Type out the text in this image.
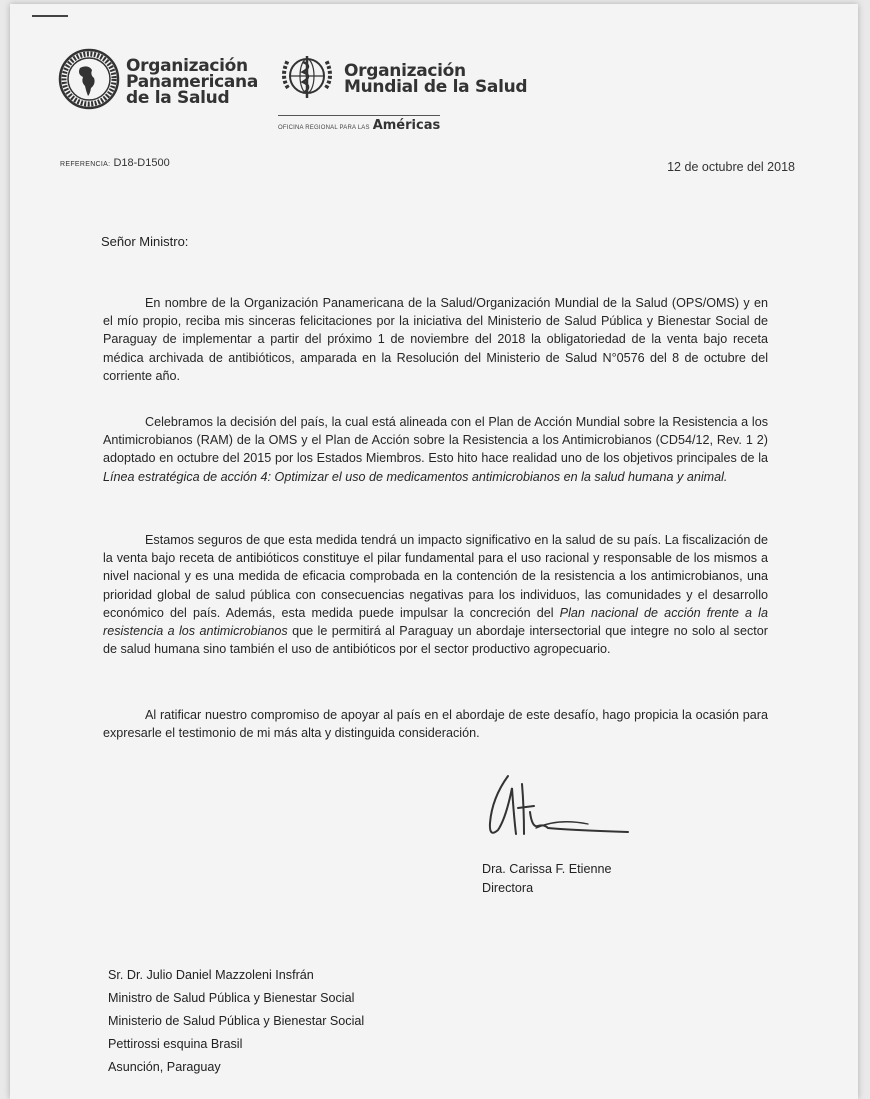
Organización
Panamericana
de la Salud
Organización
Mundial de la Salud
OFICINA REGIONAL PARA LAS Américas
REFERENCIA: D18-D1500	12 de octubre del 2018
Señor Ministro:
En nombre de la Organización Panamericana de la Salud/Organización Mundial de la Salud (OPS/OMS) y en el mío propio, reciba mis sinceras felicitaciones por la iniciativa del Ministerio de Salud Pública y Bienestar Social de Paraguay de implementar a partir del próximo 1 de noviembre del 2018 la obligatoriedad de la venta bajo receta médica archivada de antibióticos, amparada en la Resolución del Ministerio de Salud N°0576 del 8 de octubre del corriente año.
Celebramos la decisión del país, la cual está alineada con el Plan de Acción Mundial sobre la Resistencia a los Antimicrobianos (RAM) de la OMS y el Plan de Acción sobre la Resistencia a los Antimicrobianos (CD54/12, Rev. 1 2) adoptado en octubre del 2015 por los Estados Miembros. Esto hito hace realidad uno de los objetivos principales de la Línea estratégica de acción 4: Optimizar el uso de medicamentos antimicrobianos en la salud humana y animal.
Estamos seguros de que esta medida tendrá un impacto significativo en la salud de su país. La fiscalización de la venta bajo receta de antibióticos constituye el pilar fundamental para el uso racional y responsable de los mismos a nivel nacional y es una medida de eficacia comprobada en la contención de la resistencia a los antimicrobianos, una prioridad global de salud pública con consecuencias negativas para los individuos, las comunidades y el desarrollo económico del país. Además, esta medida puede impulsar la concreción del Plan nacional de acción frente a la resistencia a los antimicrobianos que le permitirá al Paraguay un abordaje intersectorial que integre no solo al sector de salud humana sino también el uso de antibióticos por el sector productivo agropecuario.
Al ratificar nuestro compromiso de apoyar al país en el abordaje de este desafío, hago propicia la ocasión para expresarle el testimonio de mi más alta y distinguida consideración.
Dra. Carissa F. Etienne
Directora
Sr. Dr. Julio Daniel Mazzoleni Insfrán
Ministro de Salud Pública y Bienestar Social
Ministerio de Salud Pública y Bienestar Social
Pettirossi esquina Brasil
Asunción, Paraguay
